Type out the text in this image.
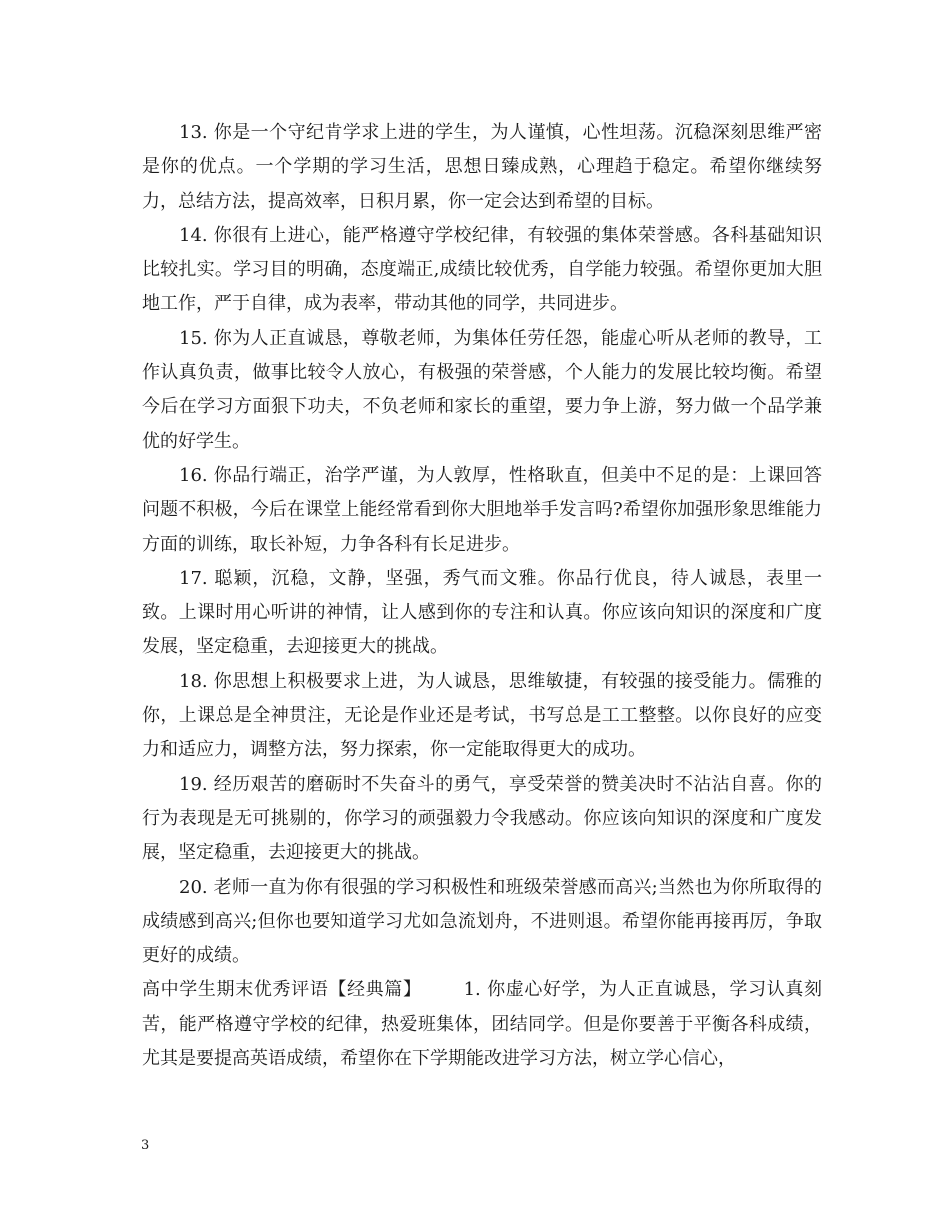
13. 你是一个守纪肯学求上进的学生，为人谨慎，心性坦荡。沉稳深刻思维严密是你的优点。一个学期的学习生活，思想日臻成熟，心理趋于稳定。希望你继续努力，总结方法，提高效率，日积月累，你一定会达到希望的目标。

14. 你很有上进心，能严格遵守学校纪律，有较强的集体荣誉感。各科基础知识比较扎实。学习目的明确，态度端正,成绩比较优秀，自学能力较强。希望你更加大胆地工作，严于自律，成为表率，带动其他的同学，共同进步。

15. 你为人正直诚恳，尊敬老师，为集体任劳任怨，能虚心听从老师的教导，工作认真负责，做事比较令人放心，有极强的荣誉感，个人能力的发展比较均衡。希望今后在学习方面狠下功夫，不负老师和家长的重望，要力争上游，努力做一个品学兼优的好学生。

16. 你品行端正，治学严谨，为人敦厚，性格耿直，但美中不足的是：上课回答问题不积极，今后在课堂上能经常看到你大胆地举手发言吗?希望你加强形象思维能力方面的训练，取长补短，力争各科有长足进步。

17. 聪颖，沉稳，文静，坚强，秀气而文雅。你品行优良，待人诚恳，表里一致。上课时用心听讲的神情，让人感到你的专注和认真。你应该向知识的深度和广度发展，坚定稳重，去迎接更大的挑战。

18. 你思想上积极要求上进，为人诚恳，思维敏捷，有较强的接受能力。儒雅的你，上课总是全神贯注，无论是作业还是考试，书写总是工工整整。以你良好的应变力和适应力，调整方法，努力探索，你一定能取得更大的成功。

19. 经历艰苦的磨砺时不失奋斗的勇气，享受荣誉的赞美决时不沾沾自喜。你的行为表现是无可挑剔的，你学习的顽强毅力令我感动。你应该向知识的深度和广度发展，坚定稳重，去迎接更大的挑战。

20. 老师一直为你有很强的学习积极性和班级荣誉感而高兴;当然也为你所取得的成绩感到高兴;但你也要知道学习尤如急流划舟，不进则退。希望你能再接再厉，争取更好的成绩。

高中学生期末优秀评语【经典篇】 1. 你虚心好学，为人正直诚恳，学习认真刻苦，能严格遵守学校的纪律，热爱班集体，团结同学。但是你要善于平衡各科成绩，尤其是要提高英语成绩，希望你在下学期能改进学习方法，树立学心信心，

3
